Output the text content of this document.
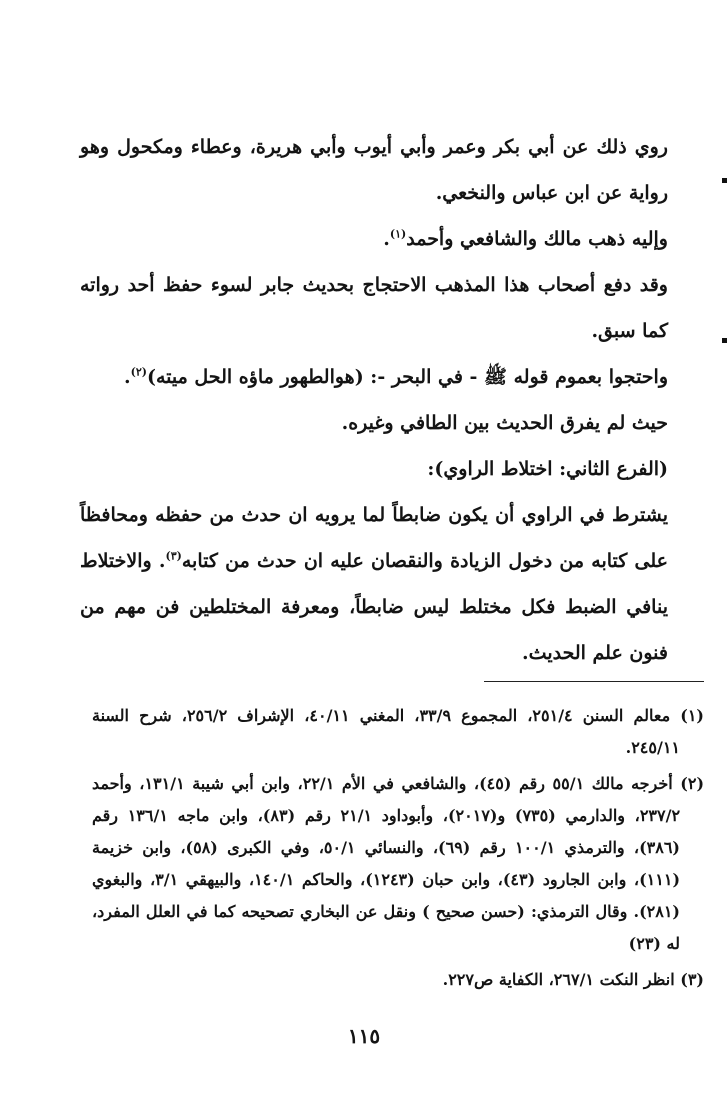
روي ذلك عن أبي بكر وعمر وأبي أيوب وأبي هريرة، وعطاء ومكحول وهو رواية عن ابن عباس والنخعي.

وإليه ذهب مالك والشافعي وأحمد$^{(١)}$.

وقد دفع أصحاب هذا المذهب الاحتجاج بحديث جابر لسوء حفظ أحد رواته كما سبق.

واحتجوا بعموم قوله ﷺ - في البحر -: (هوالطهور ماؤه الحل ميته)$^{(٢)}$.

حيث لم يفرق الحديث بين الطافي وغيره.

(الفرع الثاني: اختلاط الراوي):

يشترط في الراوي أن يكون ضابطاً لما يرويه ان حدث من حفظه ومحافظاً على كتابه من دخول الزيادة والنقصان عليه ان حدث من كتابه$^{(٣)}$. والاختلاط ينافي الضبط فكل مختلط ليس ضابطاً، ومعرفة المختلطين فن مهم من فنون علم الحديث.

(١) معالم السنن ٢٥١/٤، المجموع ٣٣/٩، المغني ٤٠/١١، الإشراف ٢٥٦/٢، شرح السنة ٢٤٥/١١.

(٢) أخرجه مالك ٥٥/١ رقم (٤٥)، والشافعي في الأم ٢٢/١، وابن أبي شيبة ١٣١/١، وأحمد ٢٣٧/٢، والدارمي (٧٣٥) و(٢٠١٧)، وأبوداود ٢١/١ رقم (٨٣)، وابن ماجه ١٣٦/١ رقم (٣٨٦)، والترمذي ١٠٠/١ رقم (٦٩)، والنسائي ٥٠/١، وفي الكبرى (٥٨)، وابن خزيمة (١١١)، وابن الجارود (٤٣)، وابن حبان (١٢٤٣)، والحاكم ١٤٠/١، والبيهقي ٣/١، والبغوي (٢٨١). وقال الترمذي: (حسن صحيح ) ونقل عن البخاري تصحيحه كما في العلل المفرد، له (٢٣)

(٣) انظر النكت ٢٦٧/١، الكفاية ص٢٢٧.

١١٥
